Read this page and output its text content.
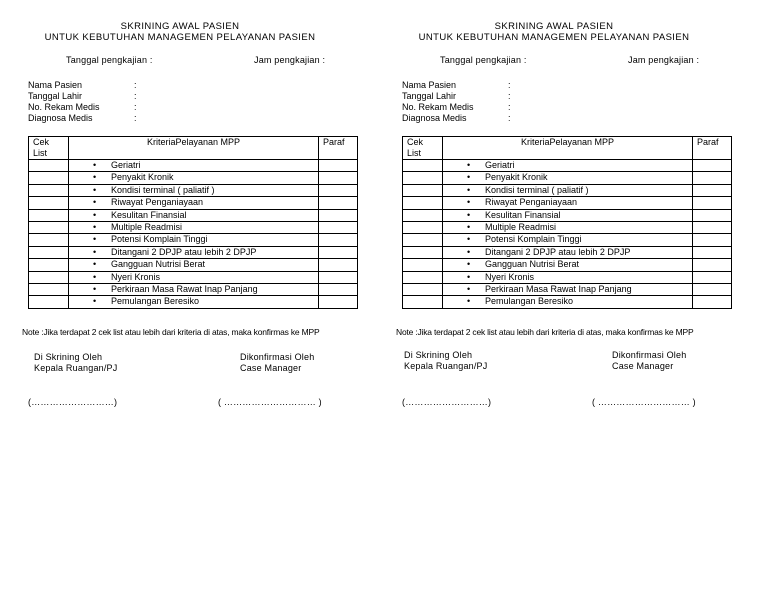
SKRINING AWAL PASIEN
UNTUK KEBUTUHAN MANAGEMEN PELAYANAN PASIEN
Tanggal pengkajian :	Jam pengkajian :
Nama Pasien	:
Tanggal Lahir	:
No. Rekam Medis	:
Diagnosa Medis	:
Cek List	KriteriaPelayanan MPP	Paraf
	• Geriatri	
	• Penyakit Kronik	
	• Kondisi terminal ( paliatif )	
	• Riwayat Penganiayaan	
	• Kesulitan Finansial	
	• Multiple Readmisi	
	• Potensi Komplain Tinggi	
	• Ditangani 2 DPJP atau lebih 2 DPJP	
	• Gangguan Nutrisi Berat	
	• Nyeri Kronis	
	• Perkiraan Masa Rawat Inap Panjang	
	• Pemulangan Beresiko	
Note :Jika terdapat 2 cek list atau lebih dari kriteria di atas, maka konfirmas ke MPP
Di Skrining Oleh
Kepala Ruangan/PJ
Dikonfirmasi Oleh
Case Manager
(………………………)	( ………………………… )
SKRINING AWAL PASIEN
UNTUK KEBUTUHAN MANAGEMEN PELAYANAN PASIEN
Tanggal pengkajian :	Jam pengkajian :
Nama Pasien	:
Tanggal Lahir	:
No. Rekam Medis	:
Diagnosa Medis	:
Cek List	KriteriaPelayanan MPP	Paraf
	• Geriatri	
	• Penyakit Kronik	
	• Kondisi terminal ( paliatif )	
	• Riwayat Penganiayaan	
	• Kesulitan Finansial	
	• Multiple Readmisi	
	• Potensi Komplain Tinggi	
	• Ditangani 2 DPJP atau lebih 2 DPJP	
	• Gangguan Nutrisi Berat	
	• Nyeri Kronis	
	• Perkiraan Masa Rawat Inap Panjang	
	• Pemulangan Beresiko	
Note :Jika terdapat 2 cek list atau lebih dari kriteria di atas, maka konfirmas ke MPP
Di Skrining Oleh
Kepala Ruangan/PJ
Dikonfirmasi Oleh
Case Manager
(………………………)	( ………………………… )
